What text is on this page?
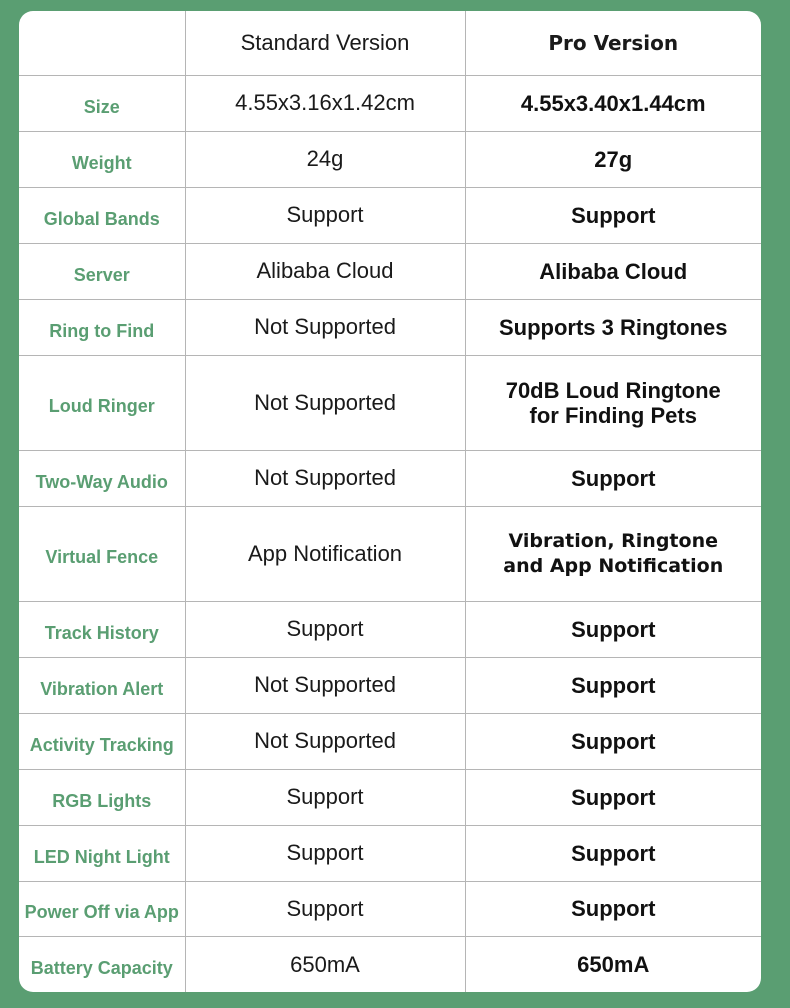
	Standard Version	Pro Version
Size	4.55x3.16x1.42cm	4.55x3.40x1.44cm

Weight	24g	27g

Global Bands	Support	Support

Server	Alibaba Cloud	Alibaba Cloud

Ring to Find	Not Supported	Supports 3 Ringtones

Loud Ringer	Not Supported	70dB Loud Ringtone
for Finding Pets

Two-Way Audio	Not Supported	Support

Virtual Fence	App Notification	Vibration, Ringtone
and App Notification

Track History	Support	Support

Vibration Alert	Not Supported	Support

Activity Tracking	Not Supported	Support

RGB Lights	Support	Support

LED Night Light	Support	Support

Power Off via App	Support	Support

Battery Capacity	650mA	650mA
